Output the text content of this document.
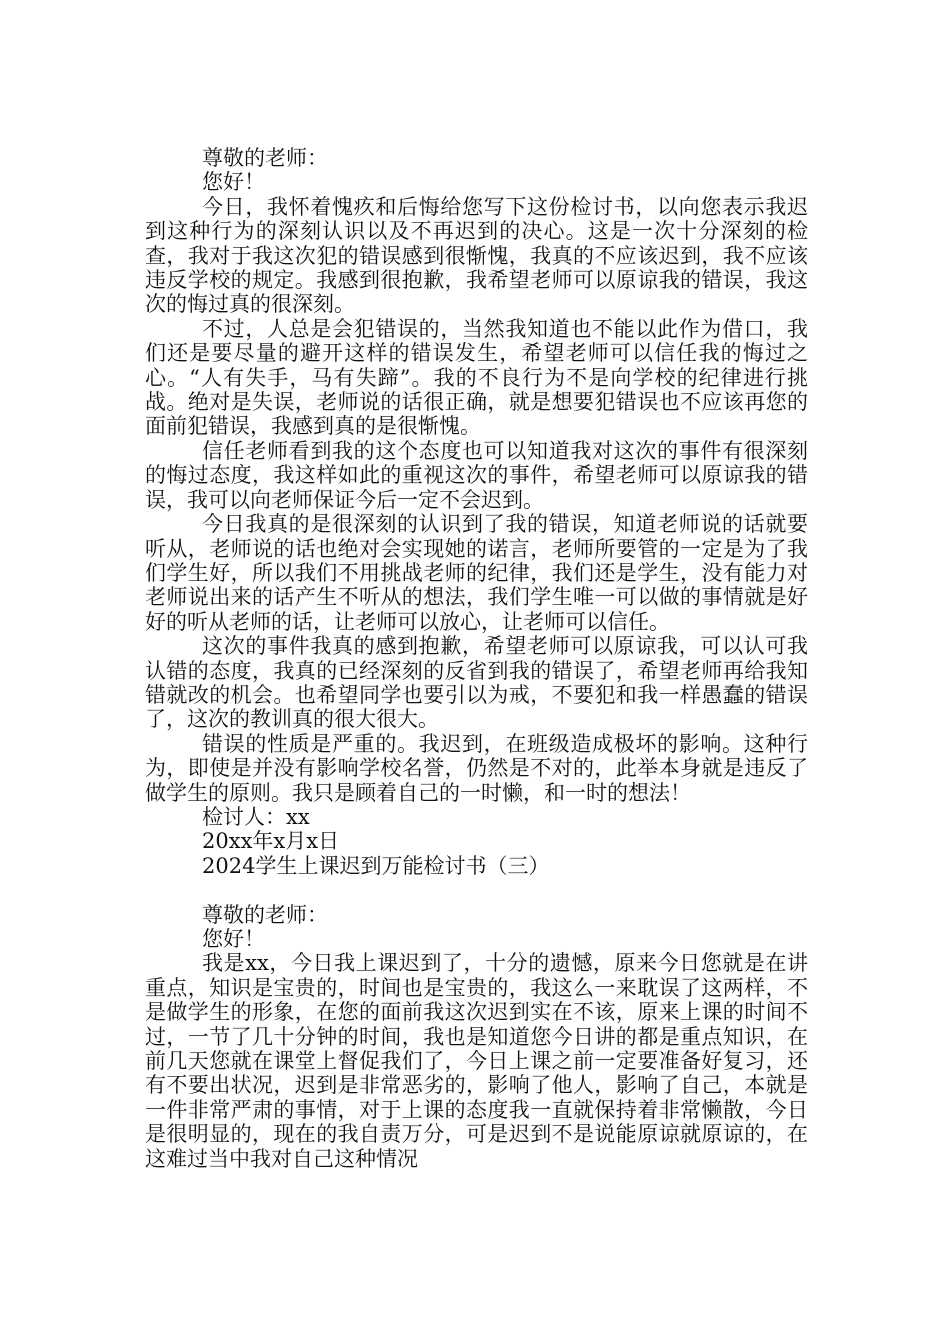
尊敬的老师：

您好！

今日，我怀着愧疚和后悔给您写下这份检讨书，以向您表示我迟到这种行为的深刻认识以及不再迟到的决心。这是一次十分深刻的检查，我对于我这次犯的错误感到很惭愧，我真的不应该迟到，我不应该违反学校的规定。我感到很抱歉，我希望老师可以原谅我的错误，我这次的悔过真的很深刻。

不过，人总是会犯错误的，当然我知道也不能以此作为借口，我们还是要尽量的避开这样的错误发生，希望老师可以信任我的悔过之心。“人有失手，马有失蹄”。我的不良行为不是向学校的纪律进行挑战。绝对是失误，老师说的话很正确，就是想要犯错误也不应该再您的面前犯错误，我感到真的是很惭愧。

信任老师看到我的这个态度也可以知道我对这次的事件有很深刻的悔过态度，我这样如此的重视这次的事件，希望老师可以原谅我的错误，我可以向老师保证今后一定不会迟到。

今日我真的是很深刻的认识到了我的错误，知道老师说的话就要听从，老师说的话也绝对会实现她的诺言，老师所要管的一定是为了我们学生好，所以我们不用挑战老师的纪律，我们还是学生，没有能力对老师说出来的话产生不听从的想法，我们学生唯一可以做的事情就是好好的听从老师的话，让老师可以放心，让老师可以信任。

这次的事件我真的感到抱歉，希望老师可以原谅我，可以认可我认错的态度，我真的已经深刻的反省到我的错误了，希望老师再给我知错就改的机会。也希望同学也要引以为戒，不要犯和我一样愚蠢的错误了，这次的教训真的很大很大。

错误的性质是严重的。我迟到，在班级造成极坏的影响。这种行为，即使是并没有影响学校名誉，仍然是不对的，此举本身就是违反了做学生的原则。我只是顾着自己的一时懒，和一时的想法！

检讨人：xx

20xx年x月x日

2024学生上课迟到万能检讨书（三）

尊敬的老师：

您好！

我是xx，今日我上课迟到了，十分的遗憾，原来今日您就是在讲重点，知识是宝贵的，时间也是宝贵的，我这么一来耽误了这两样，不是做学生的形象，在您的面前我这次迟到实在不该，原来上课的时间不过，一节了几十分钟的时间，我也是知道您今日讲的都是重点知识，在前几天您就在课堂上督促我们了，今日上课之前一定要准备好复习，还有不要出状况，迟到是非常恶劣的，影响了他人，影响了自己，本就是一件非常严肃的事情，对于上课的态度我一直就保持着非常懒散，今日是很明显的，现在的我自责万分，可是迟到不是说能原谅就原谅的，在这难过当中我对自己这种情况
